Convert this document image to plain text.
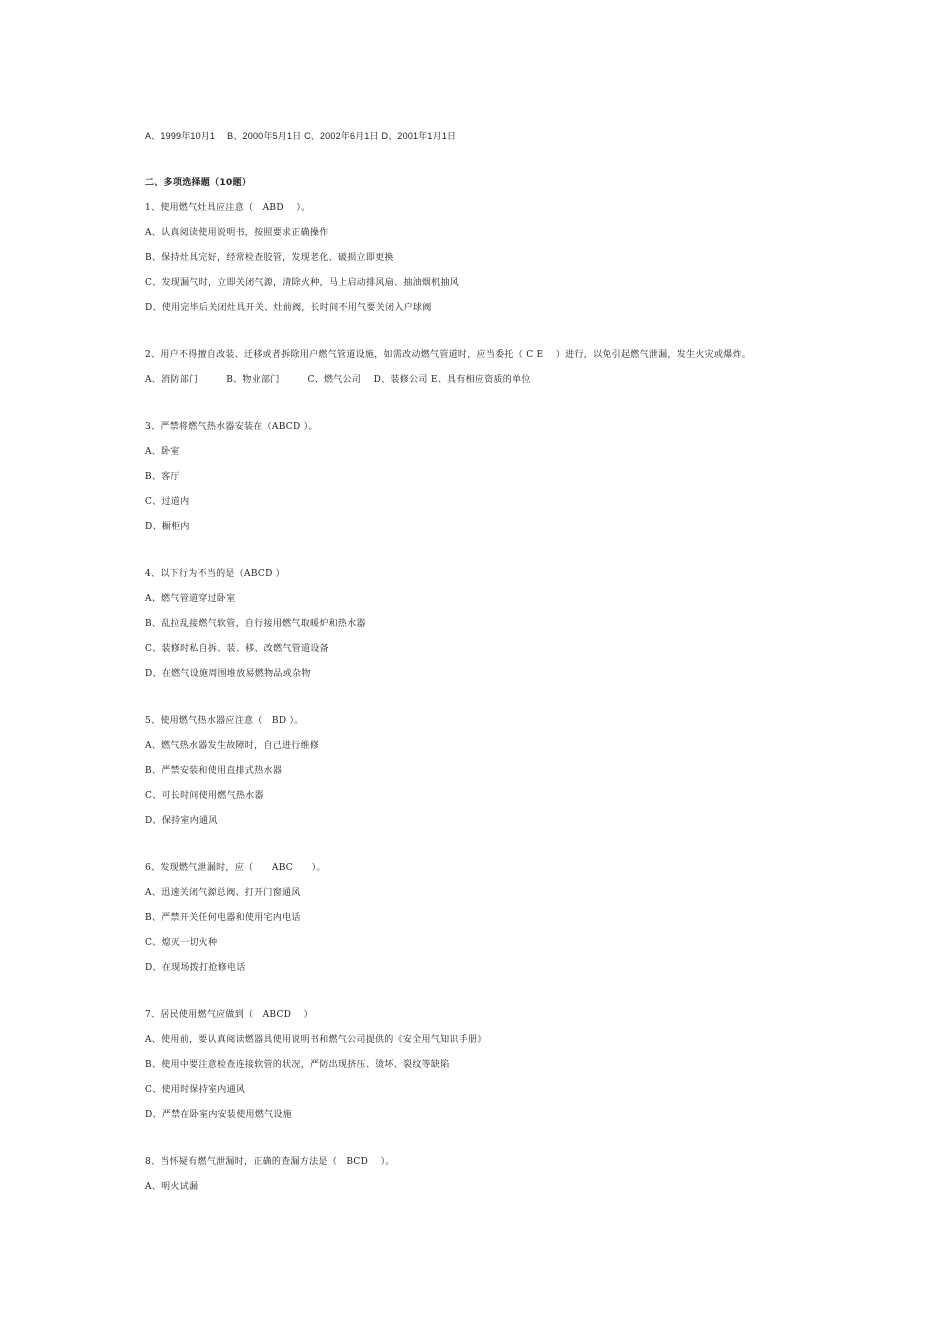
A、1999年10月1　 B、2000年5月1日 C、2002年6月1日 D、2001年1月1日
二、多项选择题（10题）
1、使用燃气灶具应注意（　ABD　 ）。
A、认真阅读使用说明书，按照要求正确操作
B、保持灶具完好，经常检查胶管，发现老化、破损立即更换
C、发现漏气时，立即关闭气源，清除火种，马上启动排风扇、抽油烟机抽风
D、使用完毕后关闭灶具开关、灶前阀，长时间不用气要关闭入户球阀
2、用户不得擅自改装、迁移或者拆除用户燃气管道设施，如需改动燃气管道时，应当委托（ C E　 ）进行，以免引起燃气泄漏，发生火灾或爆炸。
A、消防部门　　　B、物业部门　　　C、燃气公司　 D、装修公司 E、具有相应资质的单位
3、严禁将燃气热水器安装在（ABCD ）。
A、卧室
B、客厅
C、过道内
D、橱柜内
4、以下行为不当的是（ABCD ）
A、燃气管道穿过卧室
B、乱拉乱接燃气软管，自行接用燃气取暖炉和热水器
C、装修时私自拆、装、移、改燃气管道设备
D、在燃气设施周围堆放易燃物品或杂物
5、使用燃气热水器应注意（　BD ）。
A、燃气热水器发生故障时，自己进行维修
B、严禁安装和使用直排式热水器
C、可长时间使用燃气热水器
D、保持室内通风
6、发现燃气泄漏时，应（　　ABC　　）。
A、迅速关闭气源总阀、打开门窗通风
B、严禁开关任何电器和使用宅内电话
C、熄灭一切火种
D、在现场拨打抢修电话
7、居民使用燃气应做到（　ABCD　 ）
A、使用前，要认真阅读燃器具使用说明书和燃气公司提供的《安全用气知识手册》
B、使用中要注意检查连接软管的状况，严防出现挤压、烫坏、裂纹等缺陷
C、使用时保持室内通风
D、严禁在卧室内安装使用燃气设施
8、当怀疑有燃气泄漏时，正确的查漏方法是（　BCD　 ）。
A、明火试漏
